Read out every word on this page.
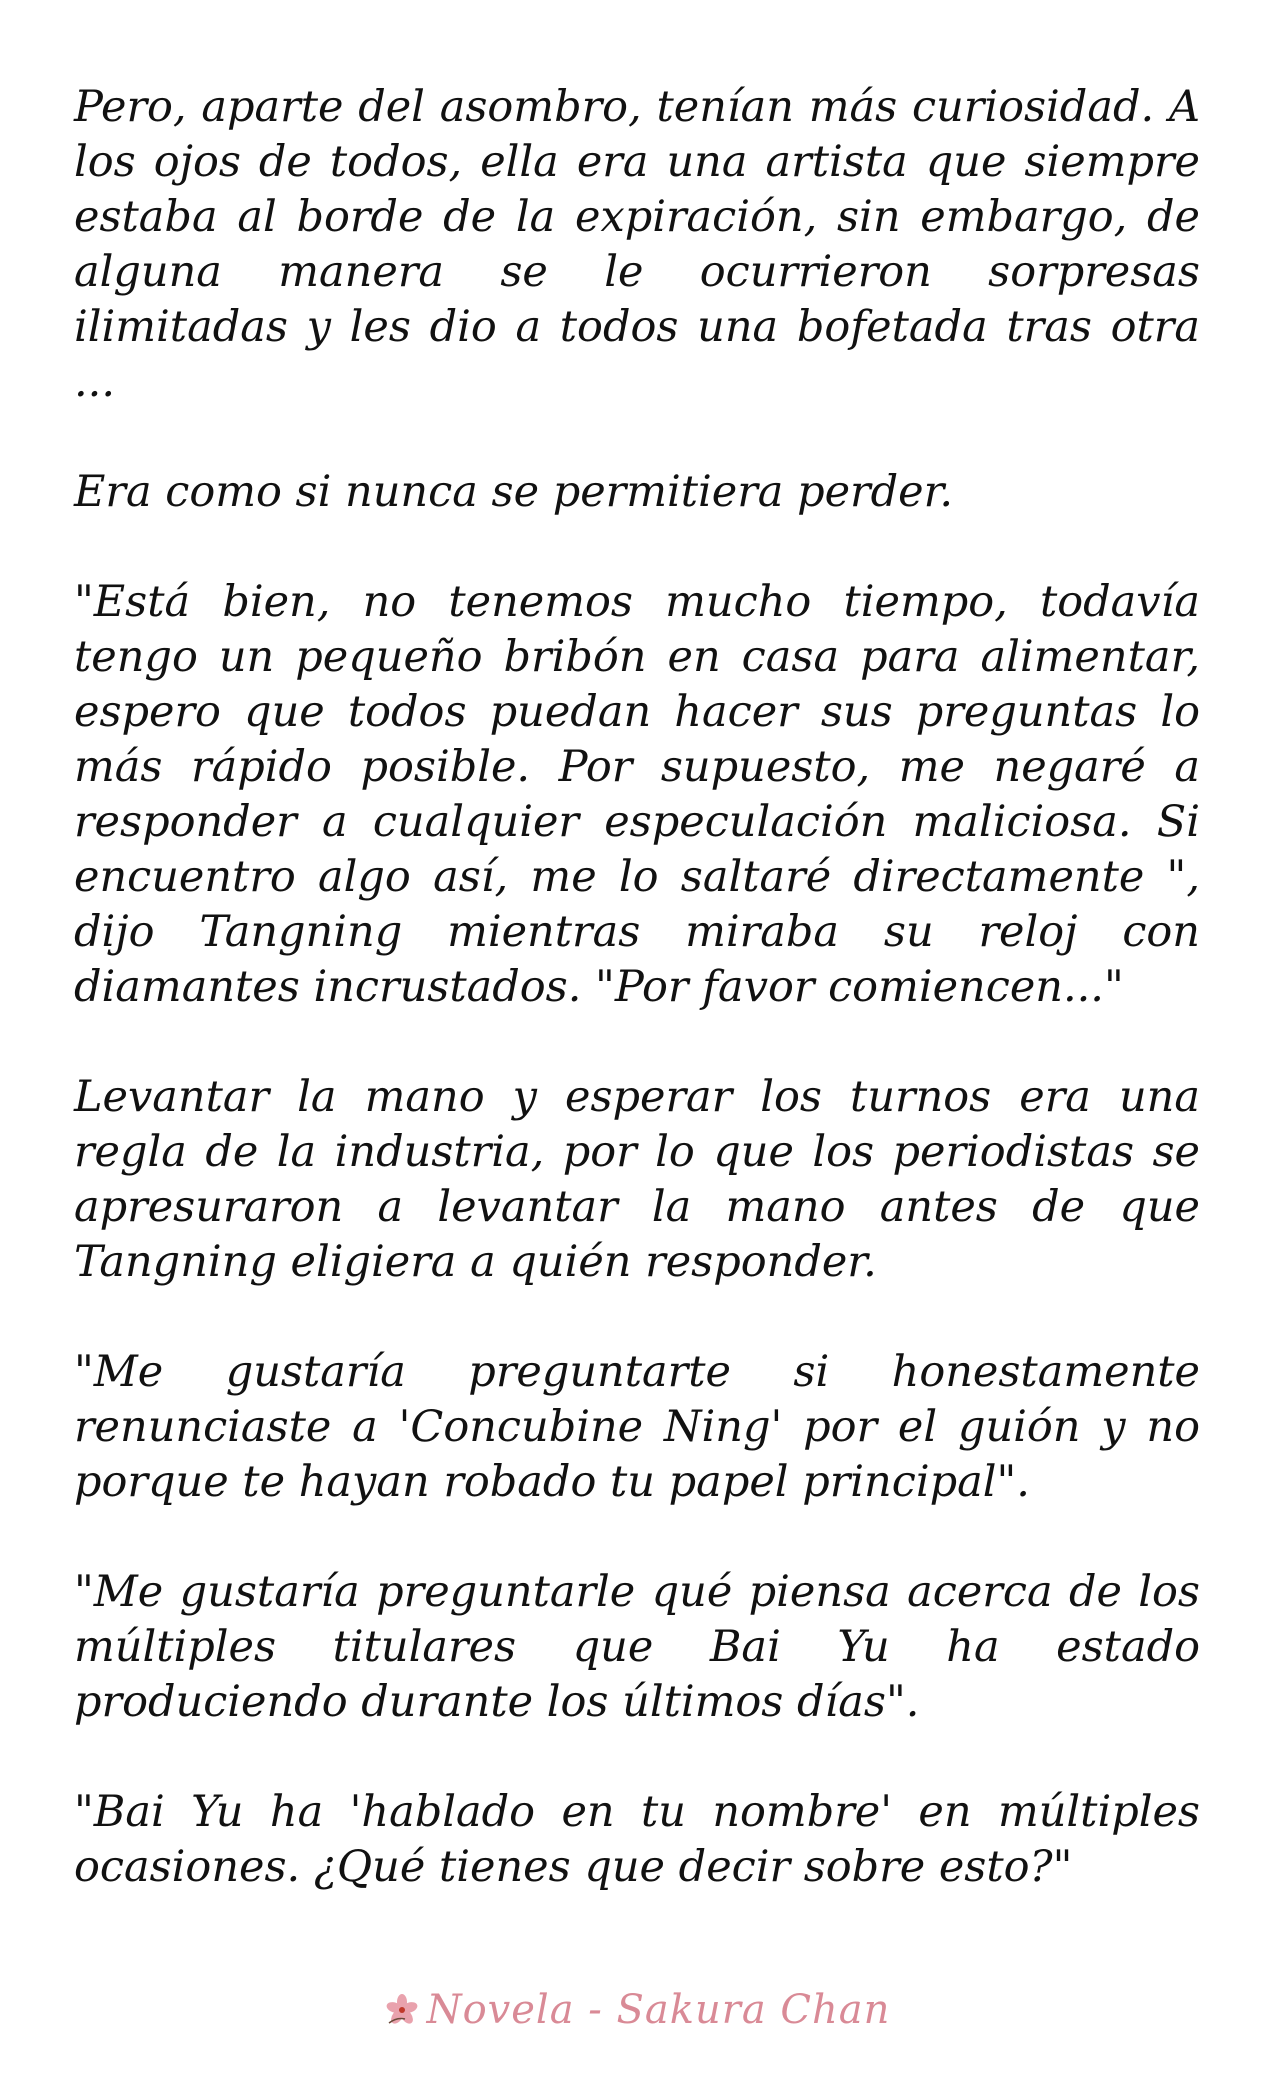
Pero, aparte del asombro, tenían más curiosidad. A los ojos de todos, ella era una artista que siempre estaba al borde de la expiración, sin embargo, de alguna manera se le ocurrieron sorpresas ilimitadas y les dio a todos una bofetada tras otra ...

Era como si nunca se permitiera perder.

"Está bien, no tenemos mucho tiempo, todavía tengo un pequeño bribón en casa para alimentar, espero que todos puedan hacer sus preguntas lo más rápido posible. Por supuesto, me negaré a responder a cualquier especulación maliciosa. Si encuentro algo así, me lo saltaré directamente ", dijo Tangning mientras miraba su reloj con diamantes incrustados. "Por favor comiencen..."

Levantar la mano y esperar los turnos era una regla de la industria, por lo que los periodistas se apresuraron a levantar la mano antes de que Tangning eligiera a quién responder.

"Me gustaría preguntarte si honestamente renunciaste a 'Concubine Ning' por el guión y no porque te hayan robado tu papel principal".

"Me gustaría preguntarle qué piensa acerca de los múltiples titulares que Bai Yu ha estado produciendo durante los últimos días".

"Bai Yu ha 'hablado en tu nombre' en múltiples ocasiones. ¿Qué tienes que decir sobre esto?"

Novela - Sakura Chan
